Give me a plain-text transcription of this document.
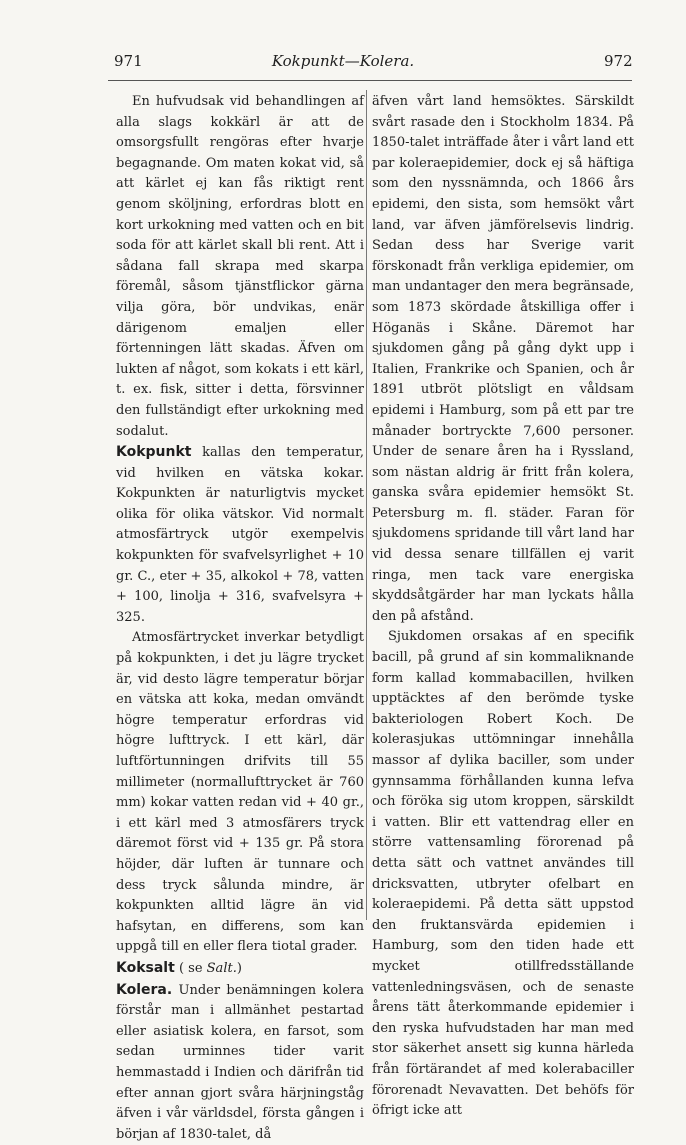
971	Kokpunkt—Kolera.	972

En hufvudsak vid behandlingen af alla slags kokkärl är att de omsorgsfullt rengöras efter hvarje begagnande. Om maten kokat vid, så att kärlet ej kan fås riktigt rent genom sköljning, erfordras blott en kort urkokning med vatten och en bit soda för att kärlet skall bli rent. Att i sådana fall skrapa med skarpa föremål, såsom tjänstflickor gärna vilja göra, bör undvikas, enär därigenom emaljen eller förtenningen lätt skadas. Äfven om lukten af något, som kokats i ett kärl, t. ex. fisk, sitter i detta, försvinner den fullständigt efter urkokning med sodalut.

Kokpunkt kallas den temperatur, vid hvilken en vätska kokar. Kokpunkten är naturligtvis mycket olika för olika vätskor. Vid normalt atmosfärtryck utgör exempelvis kokpunkten för svafvelsyrlighet + 10 gr. C., eter + 35, alkokol + 78, vatten + 100, linolja + 316, svafvelsyra + 325.

Atmosfärtrycket inverkar betydligt på kokpunkten, i det ju lägre trycket är, vid desto lägre temperatur börjar en vätska att koka, medan omvändt högre temperatur erfordras vid högre lufttryck. I ett kärl, där luftförtunningen drifvits till 55 millimeter (normallufttrycket är 760 mm) kokar vatten redan vid + 40 gr., i ett kärl med 3 atmosfärers tryck däremot först vid + 135 gr. På stora höjder, där luften är tunnare och dess tryck sålunda mindre, är kokpunkten alltid lägre än vid hafsytan, en differens, som kan uppgå till en eller flera tiotal grader.

Koksalt ( se Salt.)

Kolera. Under benämningen kolera förstår man i allmänhet pestartad eller asiatisk kolera, en farsot, som sedan urminnes tider varit hemmastadd i Indien och därifrån tid efter annan gjort svåra härjningståg äfven i vår världsdel, första gången i början af 1830-talet, då

äfven vårt land hemsöktes. Särskildt svårt rasade den i Stockholm 1834. På 1850-talet inträffade åter i vårt land ett par koleraepidemier, dock ej så häftiga som den nyssnämnda, och 1866 års epidemi, den sista, som hemsökt vårt land, var äfven jämförelsevis lindrig. Sedan dess har Sverige varit förskonadt från verkliga epidemier, om man undantager den mera begränsade, som 1873 skördade åtskilliga offer i Höganäs i Skåne. Däremot har sjukdomen gång på gång dykt upp i Italien, Frankrike och Spanien, och år 1891 utbröt plötsligt en våldsam epidemi i Hamburg, som på ett par tre månader bortryckte 7,600 personer. Under de senare åren ha i Ryssland, som nästan aldrig är fritt från kolera, ganska svåra epidemier hemsökt St. Petersburg m. fl. städer. Faran för sjukdomens spridande till vårt land har vid dessa senare tillfällen ej varit ringa, men tack vare energiska skyddsåtgärder har man lyckats hålla den på afstånd.

Sjukdomen orsakas af en specifik bacill, på grund af sin kommaliknande form kallad kommabacillen, hvilken upptäcktes af den berömde tyske bakteriologen Robert Koch. De kolerasjukas uttömningar innehålla massor af dylika baciller, som under gynnsamma förhållanden kunna lefva och föröka sig utom kroppen, särskildt i vatten. Blir ett vattendrag eller en större vattensamling förorenad på detta sätt och vattnet användes till dricksvatten, utbryter ofelbart en koleraepidemi. På detta sätt uppstod den fruktansvärda epidemien i Hamburg, som den tiden hade ett mycket otillfredsställande vattenledningsväsen, och de senaste årens tätt återkommande epidemier i den ryska hufvudstaden har man med stor säkerhet ansett sig kunna härleda från förtärandet af med kolerabaciller förorenadt Nevavatten. Det behöfs för öfrigt icke att
